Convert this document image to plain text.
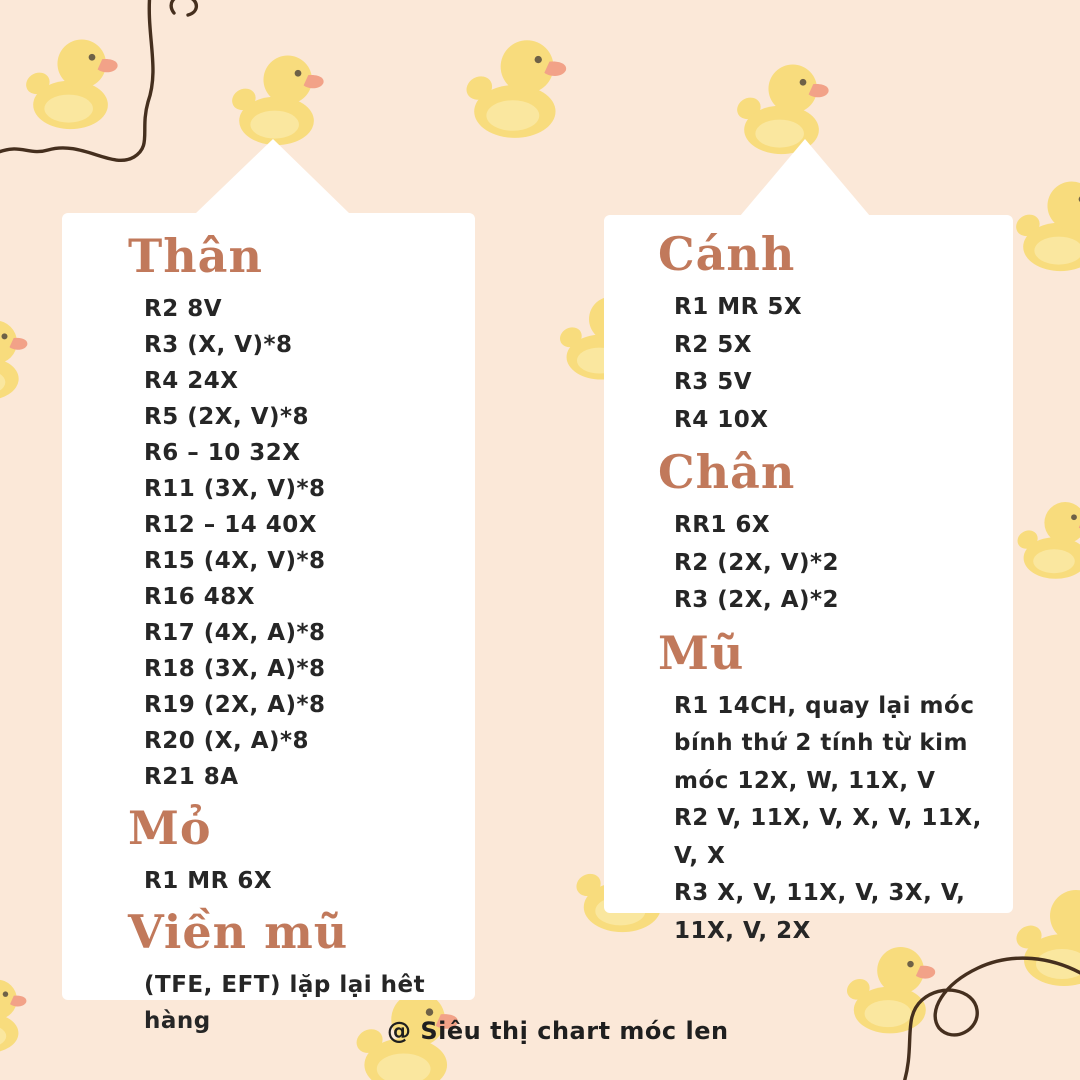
Thân
R2 8V
R3 (X, V)*8
R4 24X
R5 (2X, V)*8
R6 – 10 32X
R11 (3X, V)*8
R12 – 14 40X
R15 (4X, V)*8
R16 48X
R17 (4X, A)*8
R18 (3X, A)*8
R19 (2X, A)*8
R20 (X, A)*8
R21 8A
Mỏ
R1 MR 6X
Viền mũ
(TFE, EFT) lặp lại hêt hàng
Cánh
R1 MR 5X
R2 5X
R3 5V
R4 10X
Chân
RR1 6X
R2 (2X, V)*2
R3 (2X, A)*2
Mũ
R1 14CH, quay lại móc bính thứ 2 tính từ kim móc 12X, W, 11X, V
R2 V, 11X, V, X, V, 11X, V, X
R3 X, V, 11X, V, 3X, V, 11X, V, 2X
@ Siêu thị chart móc len
